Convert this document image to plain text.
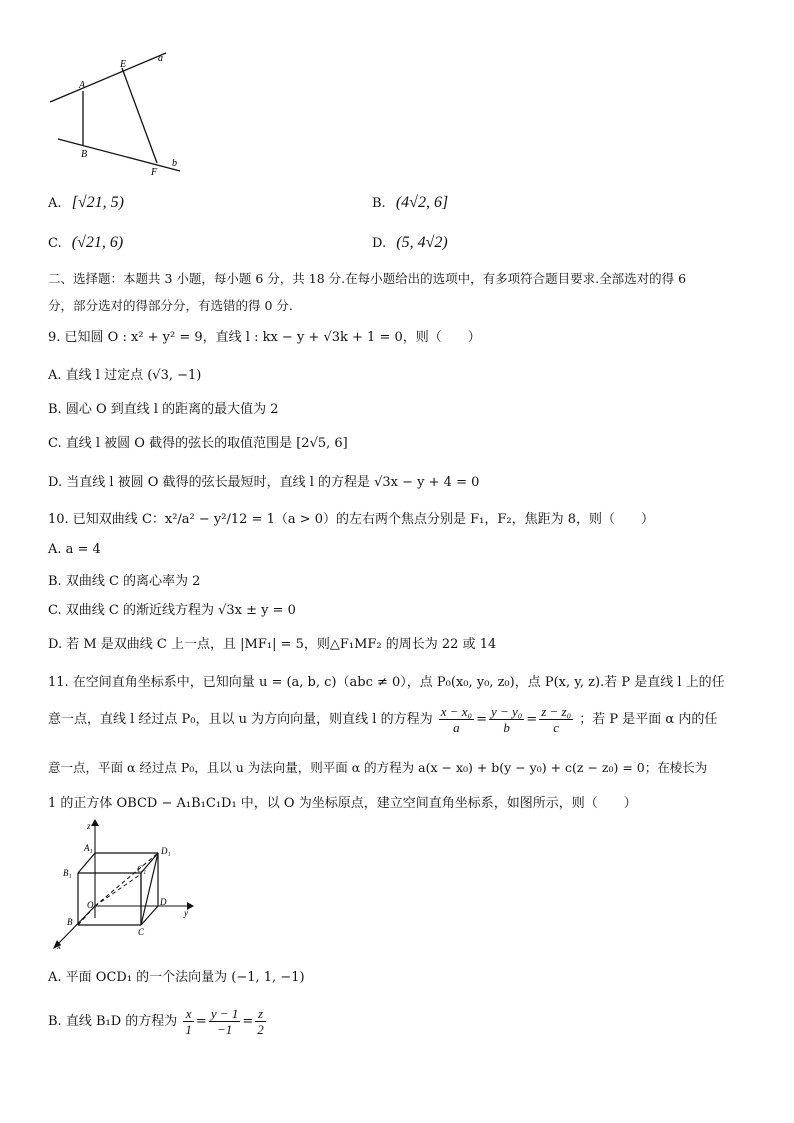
A
E
a
B
F
b
A. [√21, 5)	B. (4√2, 6]
C. (√21, 6)	D. (5, 4√2)
二、选择题：本题共 3 小题，每小题 6 分，共 18 分.在每小题给出的选项中，有多项符合题目要求.全部选对的得 6
分，部分选对的得部分分，有选错的得 0 分.
9. 已知圆 O : x² + y² = 9，直线 l : kx − y + √3k + 1 = 0，则（　　）
A. 直线 l 过定点 (√3, −1)
B. 圆心 O 到直线 l 的距离的最大值为 2
C. 直线 l 被圆 O 截得的弦长的取值范围是 [2√5, 6]
D. 当直线 l 被圆 O 截得的弦长最短时，直线 l 的方程是 √3x − y + 4 = 0
10. 已知双曲线 C：x²/a² − y²/12 = 1（a > 0）的左右两个焦点分别是 F₁，F₂，焦距为 8，则（　　）
A. a = 4
B. 双曲线 C 的离心率为 2
C. 双曲线 C 的渐近线方程为 √3x ± y = 0
D. 若 M 是双曲线 C 上一点，且 |MF₁| = 5，则△F₁MF₂ 的周长为 22 或 14
11. 在空间直角坐标系中，已知向量 u = (a, b, c)（abc ≠ 0），点 P₀(x₀, y₀, z₀)，点 P(x, y, z).若 P 是直线 l 上的任
意一点，直线 l 经过点 P₀，且以 u 为方向向量，则直线 l 的方程为 $\frac{\text{x − x₀}}{a} = \frac{\text{y − y₀}}{b} = \frac{\text{z − z₀}}{c}$ ；若 P 是平面 α 内的任
意一点，平面 α 经过点 P₀，且以 u 为法向量，则平面 α 的方程为 a(x − x₀) + b(y − y₀) + c(z − z₀) = 0；在棱长为
1 的正方体 OBCD − A₁B₁C₁D₁ 中，以 O 为坐标原点，建立空间直角坐标系，如图所示，则（　　）
z
A₁	D₁
B₁	C₁
O	D
y
B
C
x
A. 平面 OCD₁ 的一个法向量为 (−1, 1, −1)
B. 直线 B₁D 的方程为 $\frac{x}{1} = \frac{y - 1}{-1} = \frac{z}{2}$
